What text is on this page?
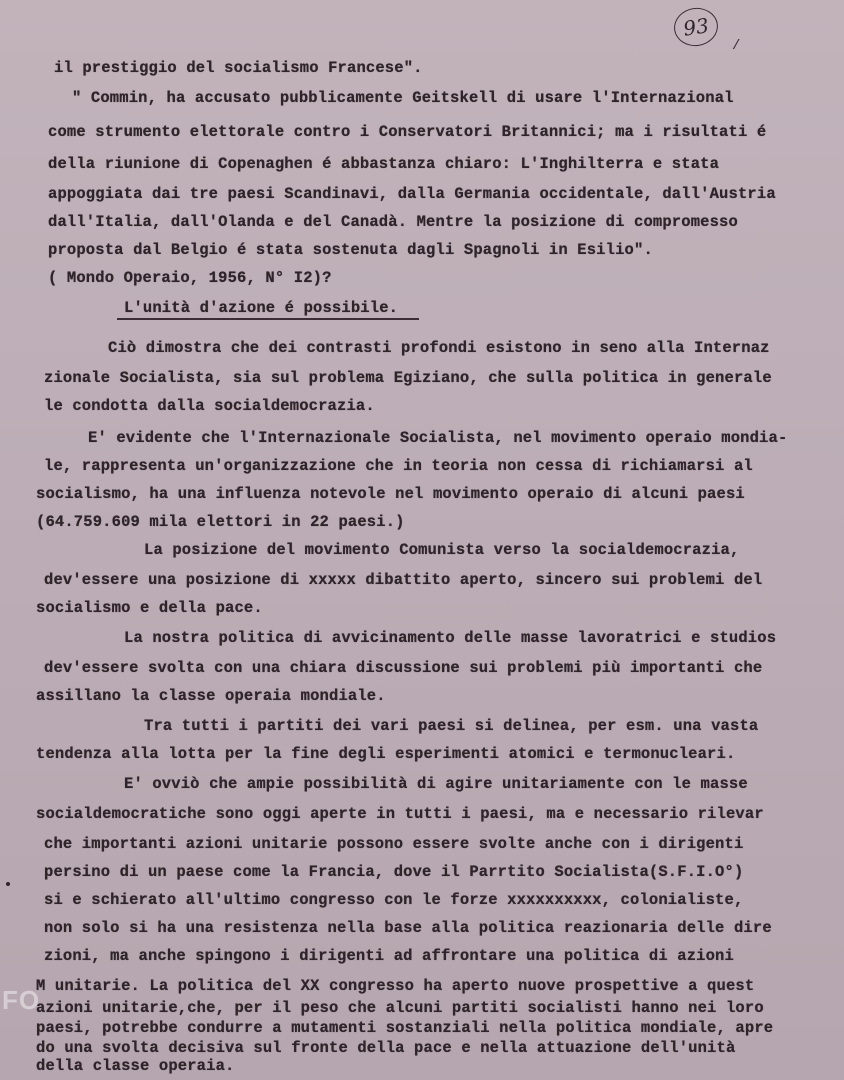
93
/
il prestiggio del socialismo Francese".
" Commin, ha accusato pubblicamente Geitskell di usare l'Internazional
come strumento elettorale contro i Conservatori Britannici; ma i risultati é
della riunione di Copenaghen é abbastanza chiaro: L'Inghilterra e stata
appoggiata dai tre paesi Scandinavi, dalla Germania occidentale, dall'Austria
dall'Italia, dall'Olanda e del Canadà. Mentre la posizione di compromesso
proposta dal Belgio é stata sostenuta dagli Spagnoli in Esilio".
( Mondo Operaio, 1956, N° I2)?
L'unità d'azione é possibile.
Ciò dimostra che dei contrasti profondi esistono in seno alla Internaz
zionale Socialista, sia sul problema Egiziano, che sulla politica in generale
le condotta dalla socialdemocrazia.
E' evidente che l'Internazionale Socialista, nel movimento operaio mondia-
le, rappresenta un'organizzazione che in teoria non cessa di richiamarsi al
socialismo, ha una influenza notevole nel movimento operaio di alcuni paesi
(64.759.609 mila elettori in 22 paesi.)
La posizione del movimento Comunista verso la socialdemocrazia,
dev'essere una posizione di xxxxx dibattito aperto, sincero sui problemi del
socialismo e della pace.
La nostra politica di avvicinamento delle masse lavoratrici e studios
dev'essere svolta con una chiara discussione sui problemi più importanti che
assillano la classe operaia mondiale.
Tra tutti i partiti dei vari paesi si delinea, per esm. una vasta
tendenza alla lotta per la fine degli esperimenti atomici e termonucleari.
E' ovviò che ampie possibilità di agire unitariamente con le masse
socialdemocratiche sono oggi aperte in tutti i paesi, ma e necessario rilevar
che importanti azioni unitarie possono essere svolte anche con i dirigenti
persino di un paese come la Francia, dove il Parrtito Socialista(S.F.I.O°)
si e schierato all'ultimo congresso con le forze xxxxxxxxxx, colonialiste,
non solo si ha una resistenza nella base alla politica reazionaria delle dire
zioni, ma anche spingono i dirigenti ad affrontare una politica di azioni
M unitarie. La politica del XX congresso ha aperto nuove prospettive a quest
azioni unitarie,che, per il peso che alcuni partiti socialisti hanno nei loro
paesi, potrebbe condurre a mutamenti sostanziali nella politica mondiale, apre
do una svolta decisiva sul fronte della pace e nella attuazione dell'unità
della classe operaia.
FO
